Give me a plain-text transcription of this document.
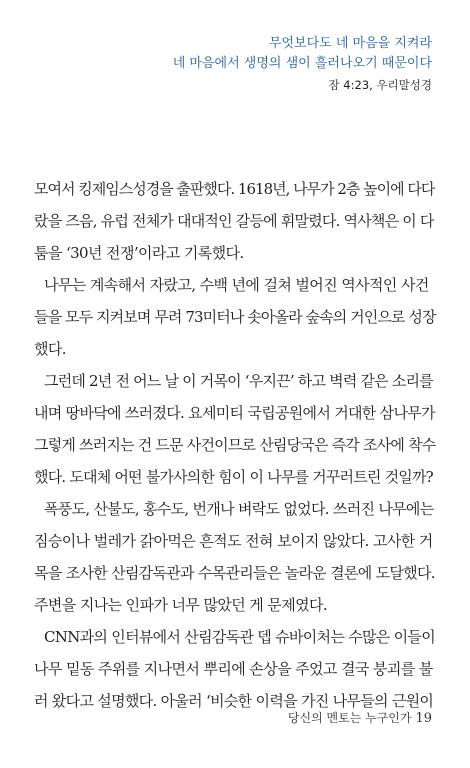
무엇보다도 네 마음을 지켜라
네 마음에서 생명의 샘이 흘러나오기 때문이다
잠 4:23, 우리말성경
모여서 킹제임스성경을 출판했다. 1618년, 나무가 2층 높이에 다다
랐을 즈음, 유럽 전체가 대대적인 갈등에 휘말렸다. 역사책은 이 다
툼을 ‘30년 전쟁’이라고 기록했다.
나무는 계속해서 자랐고, 수백 년에 걸쳐 벌어진 역사적인 사건
들을 모두 지켜보며 무려 73미터나 솟아올라 숲속의 거인으로 성장
했다.
그런데 2년 전 어느 날 이 거목이 ‘우지끈’ 하고 벽력 같은 소리를
내며 땅바닥에 쓰러졌다. 요세미티 국립공원에서 거대한 삼나무가
그렇게 쓰러지는 건 드문 사건이므로 산림당국은 즉각 조사에 착수
했다. 도대체 어떤 불가사의한 힘이 이 나무를 거꾸러트린 것일까?
폭풍도, 산불도, 홍수도, 번개나 벼락도 없었다. 쓰러진 나무에는
짐승이나 벌레가 갉아먹은 흔적도 전혀 보이지 않았다. 고사한 거
목을 조사한 산림감독관과 수목관리들은 놀라운 결론에 도달했다.
주변을 지나는 인파가 너무 많았던 게 문제였다.
CNN과의 인터뷰에서 산림감독관 뎁 슈바이처는 수많은 이들이
나무 밑동 주위를 지나면서 뿌리에 손상을 주었고 결국 붕괴를 불
러 왔다고 설명했다. 아울러 ‘비슷한 이력을 가진 나무들의 근원이
당신의 멘토는 누구인가 19
